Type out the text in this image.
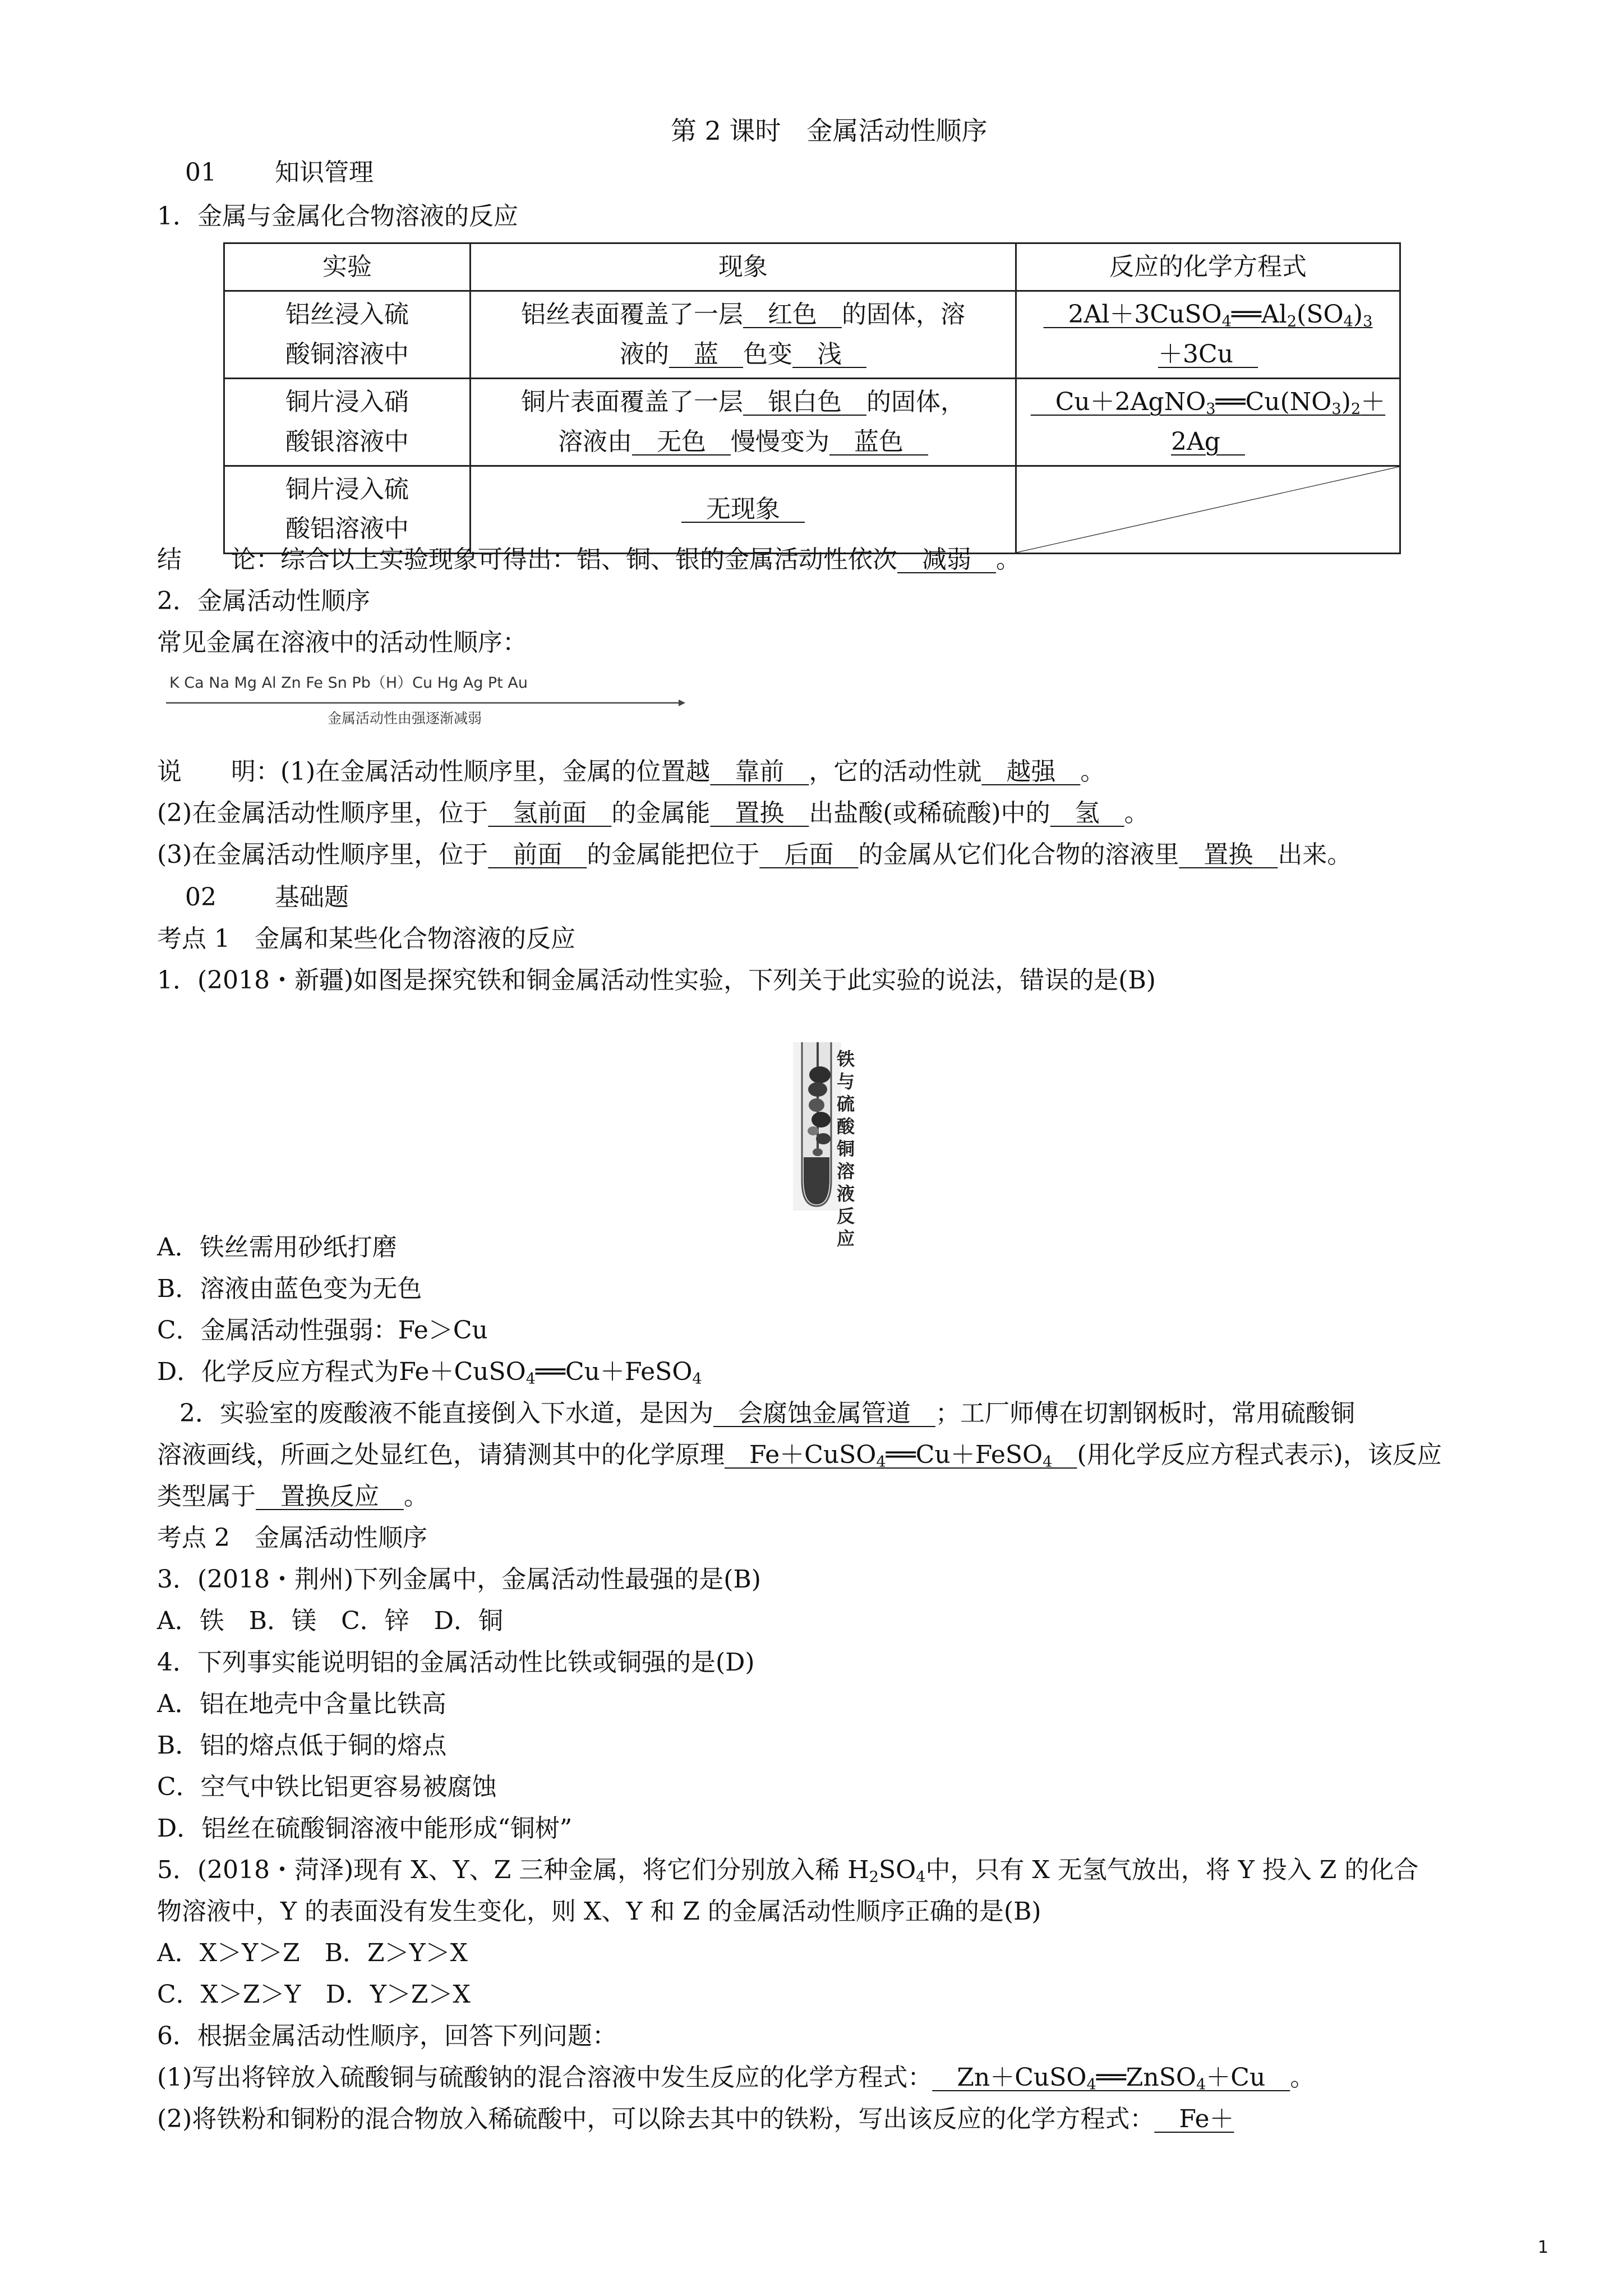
第 2 课时　金属活动性顺序
01 知识管理
1．金属与金属化合物溶液的反应
实验	现象	反应的化学方程式
铝丝浸入硫
酸铜溶液中	铝丝表面覆盖了一层   红色   的固体，溶
液的   蓝   色变   浅  	  $2Al+3CuSO_4══Al_2(SO_4)_3$
＋3Cu  
铜片浸入硝
酸银溶液中	铜片表面覆盖了一层   银白色   的固体，
溶液由   无色   慢慢变为   蓝色  	  $Cu+2AgNO_3══Cu(NO_3)_2+$
2Ag  
铜片浸入硫
酸铝溶液中	  无现象  	
结　　论：综合以上实验现象可得出：铝、铜、银的金属活动性依次   减弱   。
2．金属活动性顺序
常见金属在溶液中的活动性顺序：
K Ca Na Mg Al Zn Fe Sn Pb（H）Cu Hg Ag Pt Au
金属活动性由强逐渐减弱
说　　明：(1)在金属活动性顺序里，金属的位置越   靠前   ，它的活动性就   越强   。
(2)在金属活动性顺序里，位于   氢前面   的金属能   置换   出盐酸(或稀硫酸)中的   氢   。
(3)在金属活动性顺序里，位于   前面   的金属能把位于   后面   的金属从它们化合物的溶液里   置换   出来。
02 基础题
考点 1　金属和某些化合物溶液的反应
1．(2018・新疆)如图是探究铁和铜金属活动性实验，下列关于此实验的说法，错误的是(B)
铁与
硫酸
铜溶
液反
应
A．铁丝需用砂纸打磨
B．溶液由蓝色变为无色
C．金属活动性强弱：Fe＞Cu
D．化学反应方程式为Fe＋CuSO$_4$══Cu＋FeSO$_4$
2．实验室的废酸液不能直接倒入下水道，是因为   会腐蚀金属管道   ；工厂师傅在切割钢板时，常用硫酸铜
溶液画线，所画之处显红色，请猜测其中的化学原理  Fe＋CuSO$_4$══Cu＋FeSO$_4$   (用化学反应方程式表示)，该反应
类型属于   置换反应   。
考点 2　金属活动性顺序
3．(2018・荆州)下列金属中，金属活动性最强的是(B)
A．铁　B．镁　C．锌　D．铜
4．下列事实能说明铝的金属活动性比铁或铜强的是(D)
A．铝在地壳中含量比铁高
B．铝的熔点低于铜的熔点
C．空气中铁比铝更容易被腐蚀
D．铝丝在硫酸铜溶液中能形成“铜树”
5．(2018・菏泽)现有 X、Y、Z 三种金属，将它们分别放入稀 $H_2SO_4$中，只有 X 无氢气放出，将 Y 投入 Z 的化合
物溶液中，Y 的表面没有发生变化，则 X、Y 和 Z 的金属活动性顺序正确的是(B)
A．X＞Y＞Z　B．Z＞Y＞X
C．X＞Z＞Y　D．Y＞Z＞X
6．根据金属活动性顺序，回答下列问题：
(1)写出将锌放入硫酸铜与硫酸钠的混合溶液中发生反应的化学方程式：  Zn＋CuSO$_4$══ZnSO$_4$＋Cu  。
(2)将铁粉和铜粉的混合物放入稀硫酸中，可以除去其中的铁粉，写出该反应的化学方程式：   Fe＋
1
